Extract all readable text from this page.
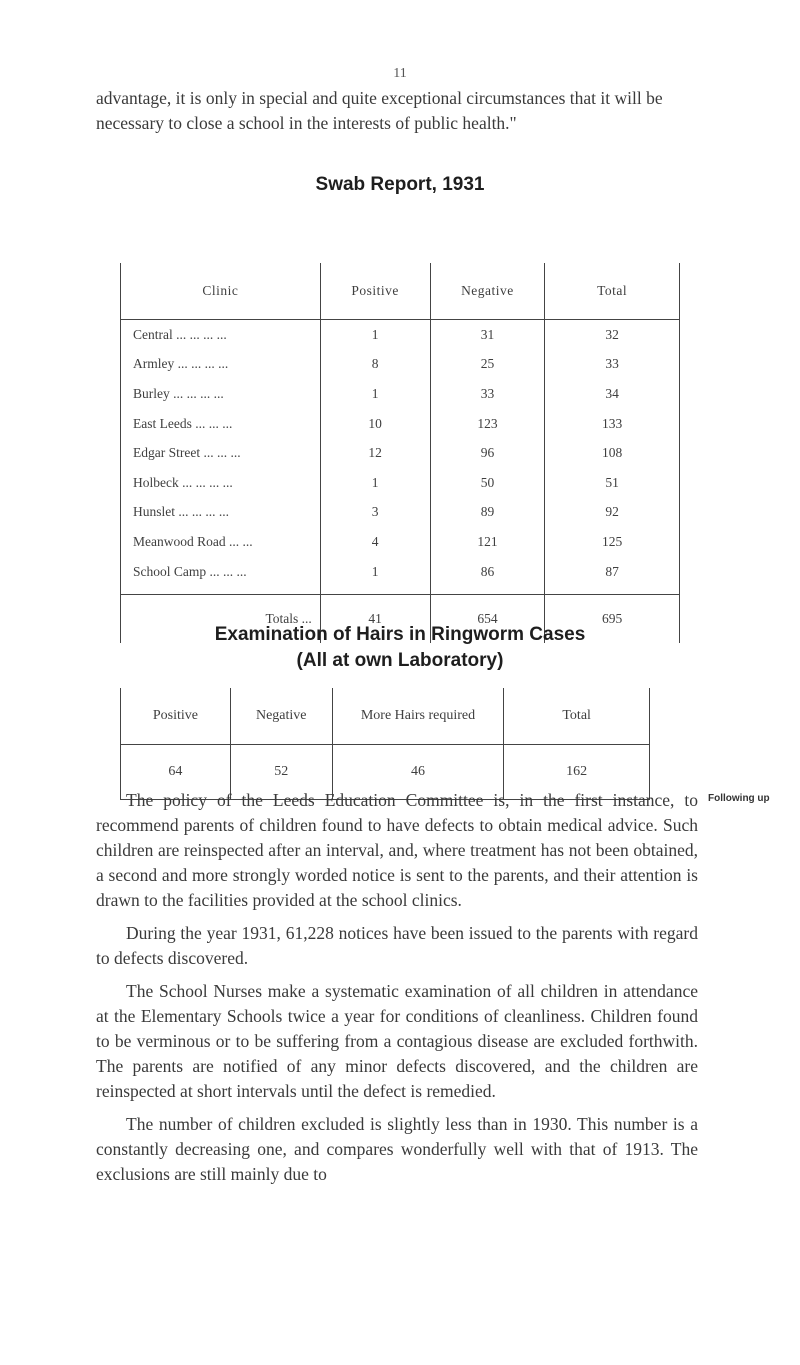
11

advantage, it is only in special and quite exceptional circumstances that it will be necessary to close a school in the interests of public health."

Swab Report, 1931
Clinic	Positive	Negative	Total
Central ... ... ... ...	1	31	32
Armley ... ... ... ...	8	25	33
Burley ... ... ... ...	1	33	34
East Leeds ... ... ...	10	123	133
Edgar Street ... ... ...	12	96	108
Holbeck ... ... ... ...	1	50	51
Hunslet ... ... ... ...	3	89	92
Meanwood Road ... ...	4	121	125
School Camp ... ... ...	1	86	87
Totals ...	41	654	695
Examination of Hairs in Ringworm Cases
(All at own Laboratory)
Positive	Negative	More Hairs required	Total
64	52	46	162
Following up

The policy of the Leeds Education Committee is, in the first instance, to recommend parents of children found to have defects to obtain medical advice. Such children are reinspected after an interval, and, where treatment has not been obtained, a second and more strongly worded notice is sent to the parents, and their attention is drawn to the facilities provided at the school clinics.

During the year 1931, 61,228 notices have been issued to the parents with regard to defects discovered.

The School Nurses make a systematic examination of all children in attendance at the Elementary Schools twice a year for conditions of cleanliness. Children found to be verminous or to be suffering from a contagious disease are excluded forthwith. The parents are notified of any minor defects discovered, and the children are reinspected at short intervals until the defect is remedied.

The number of children excluded is slightly less than in 1930. This number is a constantly decreasing one, and compares wonderfully well with that of 1913. The exclusions are still mainly due to
